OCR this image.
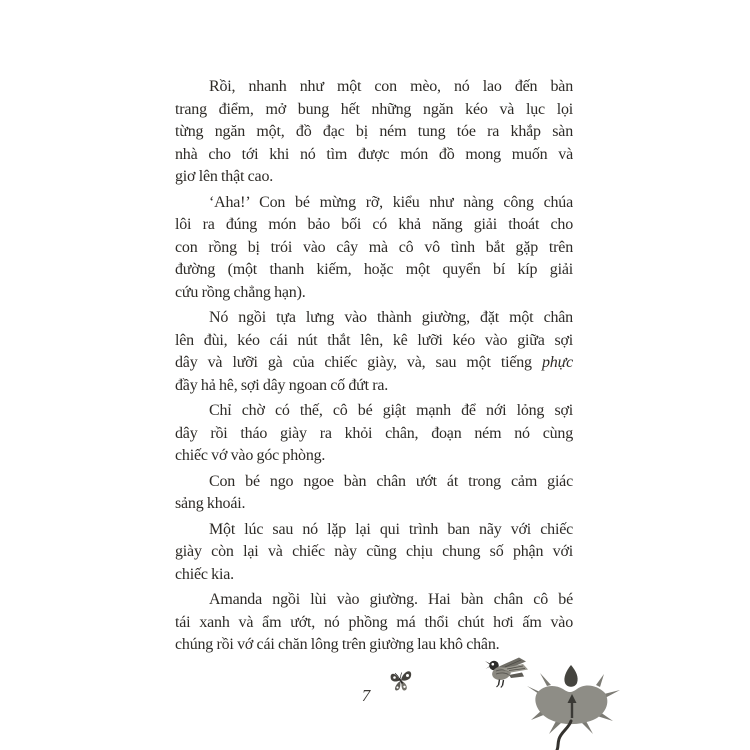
Rồi, nhanh như một con mèo, nó lao đến bàn
trang điểm, mở bung hết những ngăn kéo và lục lọi
từng ngăn một, đồ đạc bị ném tung tóe ra khắp sàn
nhà cho tới khi nó tìm được món đồ mong muốn và
giơ lên thật cao.
‘Aha!’ Con bé mừng rỡ, kiểu như nàng công chúa
lôi ra đúng món bảo bối có khả năng giải thoát cho
con rồng bị trói vào cây mà cô vô tình bắt gặp trên
đường (một thanh kiếm, hoặc một quyển bí kíp giải
cứu rồng chẳng hạn).
Nó ngồi tựa lưng vào thành giường, đặt một chân
lên đùi, kéo cái nút thắt lên, kê lưỡi kéo vào giữa sợi
dây và lưỡi gà của chiếc giày, và, sau một tiếng phực
đầy hả hê, sợi dây ngoan cố đứt ra.
Chỉ chờ có thế, cô bé giật mạnh để nới lỏng sợi
dây rồi tháo giày ra khỏi chân, đoạn ném nó cùng
chiếc vớ vào góc phòng.
Con bé ngo ngoe bàn chân ướt át trong cảm giác
sảng khoái.
Một lúc sau nó lặp lại qui trình ban nãy với chiếc
giày còn lại và chiếc này cũng chịu chung số phận với
chiếc kia.
Amanda ngồi lùi vào giường. Hai bàn chân cô bé
tái xanh và ẩm ướt, nó phồng má thổi chút hơi ấm vào
chúng rồi vớ cái chăn lông trên giường lau khô chân.
7
